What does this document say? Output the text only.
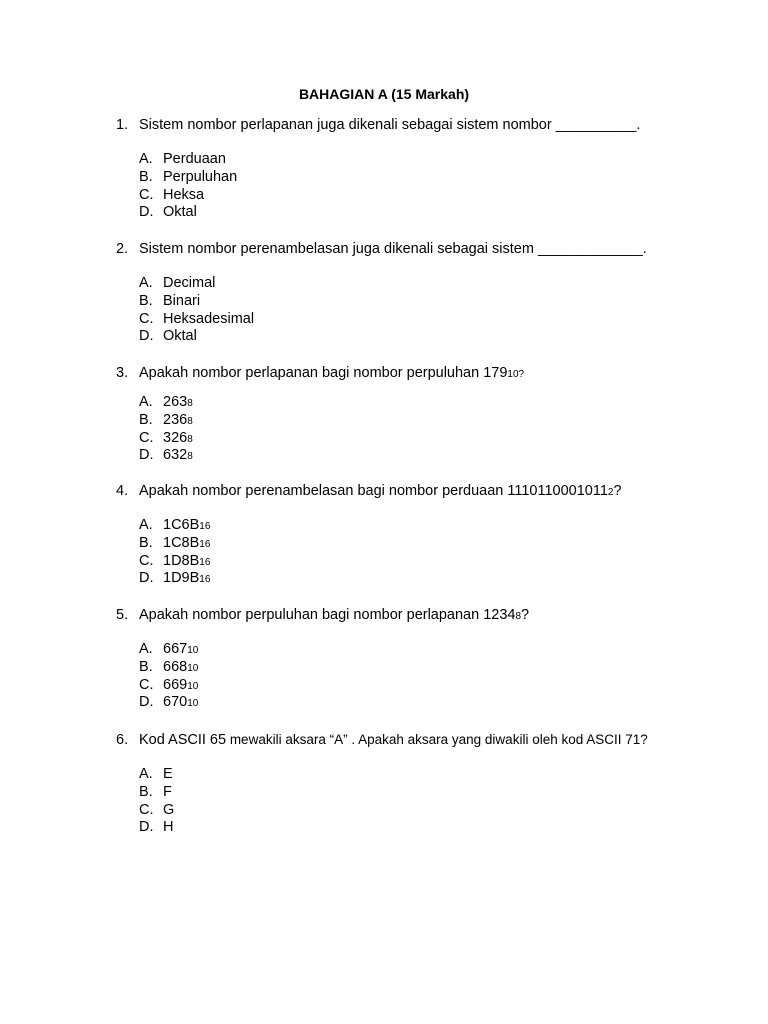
BAHAGIAN A (15 Markah)
1. Sistem nombor perlapanan juga dikenali sebagai sistem nombor __________.
A. Perduaan
B. Perpuluhan
C. Heksa
D. Oktal
2. Sistem nombor perenambelasan juga dikenali sebagai sistem _____________.
A. Decimal
B. Binari
C. Heksadesimal
D. Oktal
3. Apakah nombor perlapanan bagi nombor perpuluhan 17910?
A. 2638
B. 2368
C. 3268
D. 6328
4. Apakah nombor perenambelasan bagi nombor perduaan 11101100010112?
A. 1C6B16
B. 1C8B16
C. 1D8B16
D. 1D9B16
5. Apakah nombor perpuluhan bagi nombor perlapanan 12348?
A. 66710
B. 66810
C. 66910
D. 67010
6. Kod ASCII 65 mewakili aksara “A” . Apakah aksara yang diwakili oleh kod ASCII 71?
A. E
B. F
C. G
D. H
